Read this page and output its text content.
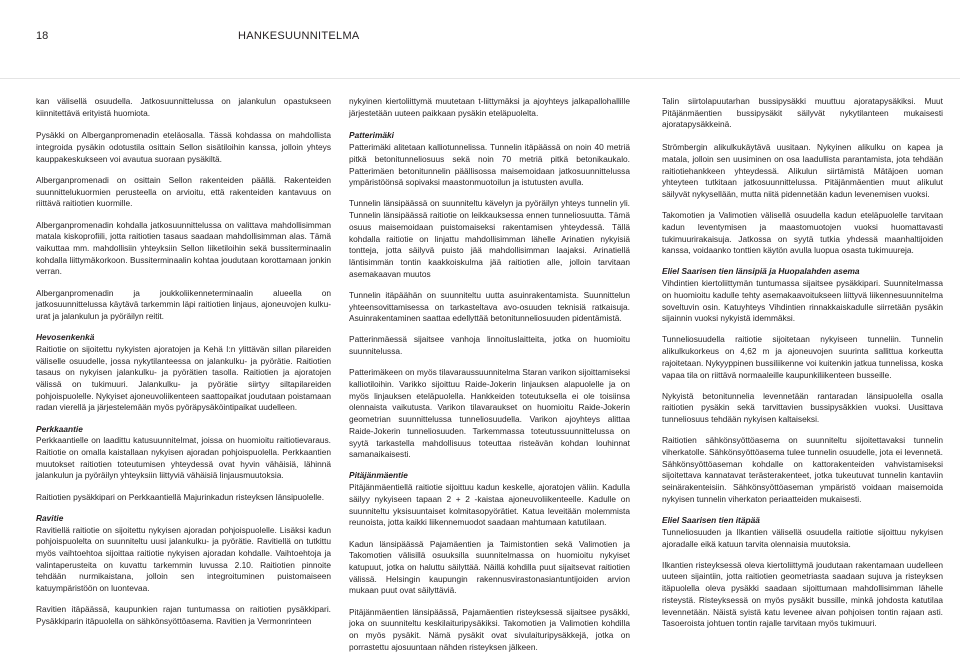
18	HANKESUUNNITELMA

kan välisellä osuudella. Jatkosuunnittelussa on jalankulun opastukseen kiinnitettävä erityistä huomiota.

Pysäkki on Alberganpromenadin eteläosalla. Tässä kohdassa on mahdollista integroida pysäkin odotustila osittain Sellon sisätiloihin kanssa, jolloin yhteys kauppakeskukseen voi avautua suoraan pysäkiltä.

Alberganpromenadi on osittain Sellon rakenteiden päällä. Rakenteiden suunnittelukuormien perusteella on arvioitu, että rakenteiden kantavuus on riittävä raitiotien kuormille.

Alberganpromenadin kohdalla jatkosuunnittelussa on valittava mahdollisimman matala kiskoprofiili, jotta raitiotien tasaus saadaan mahdollisimman alas. Tämä vaikuttaa mm. mahdollisiin yhteyksiin Sellon liiketiloihin sekä bussiterminaalin kohdalla liittymäkorkoon. Bussiterminaalin kohtaa joudutaan korottamaan jonkin verran.

Alberganpromenadin ja joukkoliikenneterminaalin alueella on jatkosuunnittelussa käytävä tarkemmin läpi raitiotien linjaus, ajoneuvojen kulku-urat ja jalankulun ja pyöräilyn reitit.

Hevosenkenkä

Raitiotie on sijoitettu nykyisten ajoratojen ja Kehä I:n ylittävän sillan pilareiden väliselle osuudelle, jossa nykytilanteessa on jalankulku- ja pyörätie. Raitiotien tasaus on nykyisen jalankulku- ja pyörätien tasolla. Raitiotien ja ajoratojen välissä on tukimuuri. Jalankulku- ja pyörätie siirtyy siltapilareiden pohjoispuolelle. Nykyiset ajoneuvoliikenteen saattopaikat joudutaan poistamaan radan vierellä ja järjestelemään myös pyöräpysäköintipaikat uudelleen.

Perkkaantie

Perkkaantielle on laadittu katusuunnitelmat, joissa on huomioitu raitiotievaraus. Raitiotie on omalla kaistallaan nykyisen ajoradan pohjoispuolella. Perkkaantien muutokset raitiotien toteutumisen yhteydessä ovat hyvin vähäisiä, lähinnä jalankulun ja pyöräilyn yhteyksiin liittyviä vähäisiä linjausmuutoksia.

Raitiotien pysäkkipari on Perkkaantiellä Majurinkadun risteyksen länsipuolelle.

Ravitie

Ravitiellä raitiotie on sijoitettu nykyisen ajoradan pohjoispuolelle. Lisäksi kadun pohjoispuolelta on suunniteltu uusi jalankulku- ja pyörätie. Ravitiellä on tutkittu myös vaihtoehtoa sijoittaa raitiotie nykyisen ajoradan kohdalle. Vaihtoehtoja ja valintaperusteita on kuvattu tarkemmin luvussa 2.10. Raitiotien pinnoite tehdään nurmikaistana, jolloin sen integroituminen puistomaiseen katuympäristöön on luontevaa.

Ravitien itäpäässä, kaupunkien rajan tuntumassa on raitiotien pysäkkipari. Pysäkkiparin itäpuolella on sähkönsyöttöasema. Ravitien ja Vermonrinteen

nykyinen kiertoliittymä muutetaan t-liittymäksi ja ajoyhteys jalkapallohallille järjestetään uuteen paikkaan pysäkin eteläpuolelta.

Patterimäki

Patterimäki alitetaan kalliotunnelissa. Tunnelin itäpäässä on noin 40 metriä pitkä betonitunneliosuus sekä noin 70 metriä pitkä betonikaukalo. Patterimäen betonitunnelin päällisossa maisemoidaan jatkosuunnittelussa ympäristöönsä sopivaksi maastonmuotoilun ja istutusten avulla.

Tunnelin länsipäässä on suunniteltu kävelyn ja pyöräilyn yhteys tunnelin yli. Tunnelin länsipäässä raitiotie on leikkauksessa ennen tunneliosuutta. Tämä osuus maisemoidaan puistomaiseksi rakentamisen yhteydessä. Tällä kohdalla raitiotie on linjattu mahdollisimman lähelle Arinatien nykyisiä tontteja, jotta säilyvä puisto jää mahdollisimman laajaksi. Arinatiellä läntisimmän tontin kaakkoiskulma jää raitiotien alle, jolloin tarvitaan asemakaavan muutos

Tunnelin itäpäähän on suunniteltu uutta asuinrakentamista. Suunnittelun yhteensovittamisessa on tarkasteltava avo-osuuden teknisiä ratkaisuja. Asuinrakentaminen saattaa edellyttää betonitunneliosuuden pidentämistä.

Patterinmäessä sijaitsee vanhoja linnoituslaitteita, jotka on huomioitu suunnitelussa.

Patterimäkeen on myös tilavaraussuunnitelma Staran varikon sijoittamiseksi kalliotiloihin. Varikko sijoittuu Raide-Jokerin linjauksen alapuolelle ja on myös linjauksen eteläpuolella. Hankkeiden toteutuksella ei ole toisiinsa olennaista vaikutusta. Varikon tilavaraukset on huomioitu Raide-Jokerin geometrian suunnittelussa tunneliosuudella. Varikon ajoyhteys alittaa Raide-Jokerin tunneliosuuden. Tarkemmassa toteutussuunnittelussa on syytä tarkastella mahdollisuus toteuttaa risteävän kohdan louhinnat samanaikaisesti.

Pitäjänmäentie

Pitäjänmäentiellä raitiotie sijoittuu kadun keskelle, ajoratojen väliin. Kadulla säilyy nykyiseen tapaan 2 + 2 -kaistaa ajoneuvoliikenteelle. Kadulle on suunniteltu yksisuuntaiset kolmitasopyörätiet. Katua leveitään molemmista reunoista, jotta kaikki liikennemuodot saadaan mahtumaan katutilaan.

Kadun länsipäässä Pajamäentien ja Taimistontien sekä Valimotien ja Takomotien välisillä osuuksilla suunnitelmassa on huomioitu nykyiset katupuut, jotka on haluttu säilyttää. Näillä kohdilla puut sijaitsevat raitiotien välissä. Helsingin kaupungin rakennusvirastonasiantuntijoiden arvion mukaan puut ovat säilyttäviä.

Pitäjänmäentien länsipäässä, Pajamäentien risteyksessä sijaitsee pysäkki, joka on suunniteltu keskilaituripysäkiksi. Takomotien ja Valimotien kohdilla on myös pysäkit. Nämä pysäkit ovat sivulaituripysäkkejä, jotka on porrastettu ajosuuntaan nähden risteyksen jälkeen.

Talin siirtolapuutarhan bussipysäkki muuttuu ajoratapysäkiksi. Muut Pitäjänmäentien bussipysäkit säilyvät nykytilanteen mukaisesti ajoratapysäkkeinä.

Strömbergin alikulkukäytävä uusitaan. Nykyinen alikulku on kapea ja matala, jolloin sen uusiminen on osa laadullista parantamista, jota tehdään raitiotiehankkeen yhteydessä. Alikulun siirtämistä Mätäjoen uoman yhteyteen tutkitaan jatkosuunnittelussa. Pitäjänmäentien muut alikulut säilyvät nykysellään, mutta niitä pidennetään kadun levenemisen vuoksi.

Takomotien ja Valimotien välisellä osuudella kadun eteläpuolelle tarvitaan kadun leventymisen ja maastomuotojen vuoksi huomattavasti tukimuurirakaisuja. Jatkossa on syytä tutkia yhdessä maanhaltijoiden kanssa, voidaanko tonttien käytön avulla luopua osasta tukimuureja.

Eliel Saarisen tien länsipiä ja Huopalahden asema

Vihdintien kiertoliittymän tuntumassa sijaitsee pysäkkipari. Suunnitelmassa on huomioitu kadulle tehty asemakaavoitukseen liittyvä liikennesuunnitelma soveltuvin osin. Katuyhteys Vihdintien rinnakkaiskadulle siirretään pysäkin sijainnin vuoksi nykyistä idemmäksi.

Tunneliosuudella raitiotie sijoitetaan nykyiseen tunneliin. Tunnelin alikulkukorkeus on 4,62 m ja ajoneuvojen suurinta sallittua korkeutta rajoitetaan. Nykyyppinen bussiliikenne voi kuitenkin jatkua tunnelissa, koska vapaa tila on riittävä normaaleille kaupunkiliikenteen busseille.

Nykyistä betonitunnelia levennetään rantaradan länsipuolella osalla raitiotien pysäkin sekä tarvittavien bussipysäkkien vuoksi. Uusittava tunneliosuus tehdään nykyisen kaltaiseksi.

Raitiotien sähkönsyöttöasema on suunniteltu sijoitettavaksi tunnelin viherkatolle. Sähkönsyöttöasema tulee tunnelin osuudelle, jota ei levennetä. Sähkönsyöttöaseman kohdalle on kattorakenteiden vahvistamiseksi sijoitettava kannatavat terästerakenteet, jotka tukeutuvat tunnelin kantaviin seinärakenteisiin. Sähkönsyöttöaseman ympäristö voidaan maisemoida nykyisen tunnelin viherkaton periaatteiden mukaisesti.

Eliel Saarisen tien itäpää

Tunneliosuuden ja Ilkantien välisellä osuudella raitiotie sijoittuu nykyisen ajoradalle eikä katuun tarvita olennaisia muutoksia.

Ilkantien risteyksessä oleva kiertoliittymä joudutaan rakentamaan uudelleen uuteen sijaintiin, jotta raitiotien geometriasta saadaan sujuva ja risteyksen itäpuolella oleva pysäkki saadaan sijoittumaan mahdollisimman lähelle risteystä. Risteyksessä on myös pysäkit bussille, minkä johdosta katutilaa levennetään. Näistä syistä katu levenee aivan pohjoisen tontin rajaan asti. Tasoeroista johtuen tontin rajalle tarvitaan myös tukimuuri.
